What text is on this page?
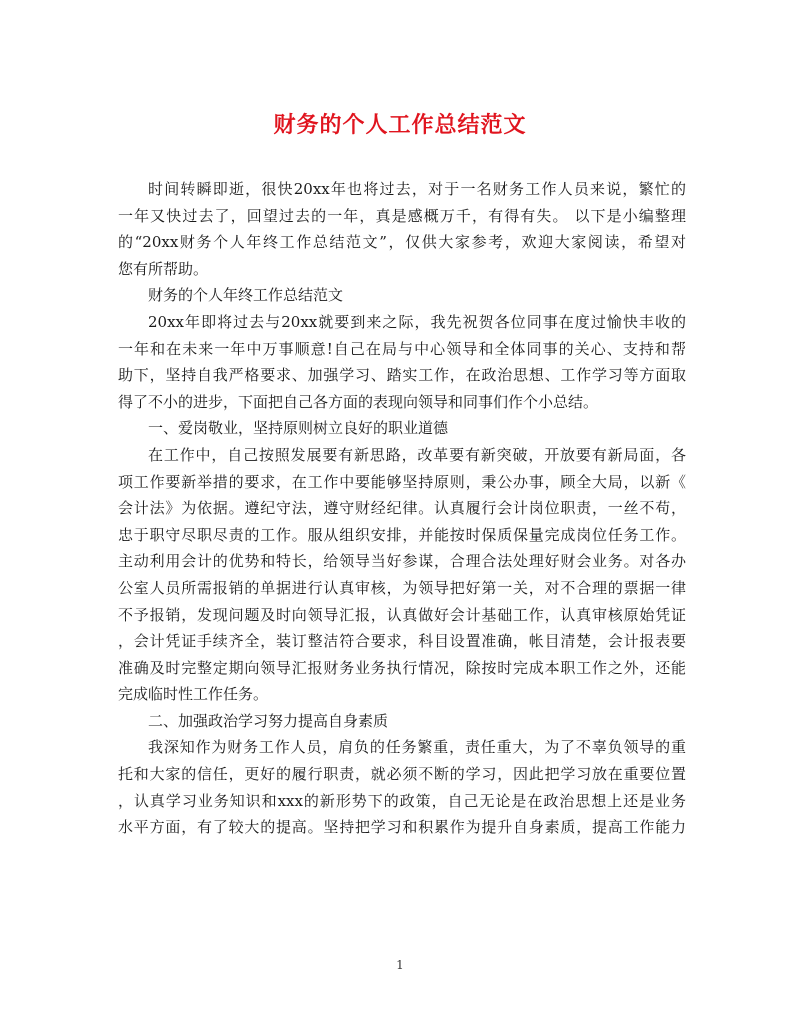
财务的个人工作总结范文
时间转瞬即逝，很快20xx年也将过去，对于一名财务工作人员来说，繁忙的
一年又快过去了，回望过去的一年，真是感概万千，有得有失。 以下是小编整理
的“20xx财务个人年终工作总结范文”，仅供大家参考，欢迎大家阅读，希望对
您有所帮助。
财务的个人年终工作总结范文
20xx年即将过去与20xx就要到来之际，我先祝贺各位同事在度过愉快丰收的
一年和在未来一年中万事顺意!自己在局与中心领导和全体同事的关心、支持和帮
助下，坚持自我严格要求、加强学习、踏实工作，在政治思想、工作学习等方面取
得了不小的进步，下面把自己各方面的表现向领导和同事们作个小总结。
一、爱岗敬业，坚持原则树立良好的职业道德
在工作中，自己按照发展要有新思路，改革要有新突破，开放要有新局面，各
项工作要新举措的要求，在工作中要能够坚持原则，秉公办事，顾全大局，以新《
会计法》为依据。遵纪守法，遵守财经纪律。认真履行会计岗位职责，一丝不苟，
忠于职守尽职尽责的工作。服从组织安排，并能按时保质保量完成岗位任务工作。
主动利用会计的优势和特长，给领导当好参谋，合理合法处理好财会业务。对各办
公室人员所需报销的单据进行认真审核，为领导把好第一关，对不合理的票据一律
不予报销，发现问题及时向领导汇报，认真做好会计基础工作，认真审核原始凭证
，会计凭证手续齐全，装订整洁符合要求，科目设置准确，帐目清楚，会计报表要
准确及时完整定期向领导汇报财务业务执行情况，除按时完成本职工作之外，还能
完成临时性工作任务。
二、加强政治学习努力提高自身素质
我深知作为财务工作人员，肩负的任务繁重，责任重大，为了不辜负领导的重
托和大家的信任，更好的履行职责，就必须不断的学习，因此把学习放在重要位置
，认真学习业务知识和xxx的新形势下的政策，自己无论是在政治思想上还是业务
水平方面，有了较大的提高。坚持把学习和积累作为提升自身素质，提高工作能力
1
